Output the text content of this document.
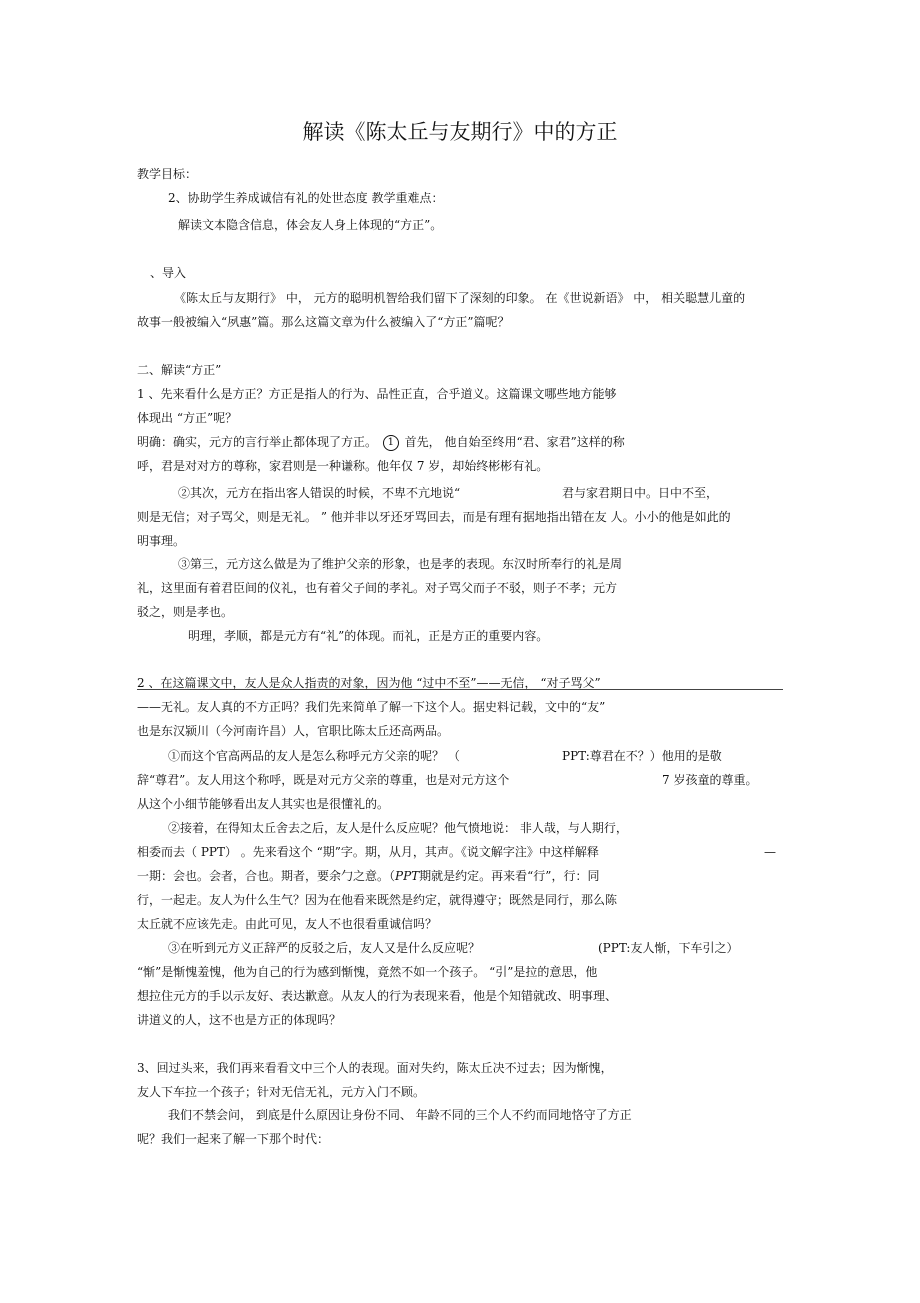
解读《陈太丘与友期行》中的方正
教学目标：
2、协助学生养成诚信有礼的处世态度 教学重难点：
解读文本隐含信息，体会友人身上体现的“方正”。
、导入
《陈太丘与友期行》 中， 元方的聪明机智给我们留下了深刻的印象。 在《世说新语》 中， 相关聪慧儿童的
故事一般被编入“夙惠”篇。那么这篇文章为什么被编入了“方正”篇呢？
二、解读“方正”
1 、先来看什么是方正？方正是指人的行为、品性正直，合乎道义。这篇课文哪些地方能够
体现出 “方正”呢？
明确：确实，元方的言行举止都体现了方正。 1 首先， 他自始至终用“君、家君”这样的称
呼，君是对对方的尊称，家君则是一种谦称。他年仅 7 岁，却始终彬彬有礼。
②其次，元方在指出客人错误的时候，不卑不亢地说“	君与家君期日中。日中不至，
则是无信；对子骂父，则是无礼。 ” 他并非以牙还牙骂回去，而是有理有据地指出错在友 人。小小的他是如此的
明事理。
③第三，元方这么做是为了维护父亲的形象，也是孝的表现。东汉时所奉行的礼是周
礼，这里面有着君臣间的仪礼，也有着父子间的孝礼。对子骂父而子不驳，则子不孝；元方
驳之，则是孝也。
明理，孝顺，都是元方有“礼”的体现。而礼，正是方正的重要内容。
2 、在这篇课文中，友人是众人指责的对象，因为他 “过中不至”——无信， “对子骂父”
——无礼。友人真的不方正吗？我们先来简单了解一下这个人。据史料记载，文中的“友”
也是东汉颍川（今河南许昌）人，官职比陈太丘还高两品。
①而这个官高两品的友人是怎么称呼元方父亲的呢？ （	PPT:尊君在不？）他用的是敬
辞“尊君”。友人用这个称呼，既是对元方父亲的尊重，也是对元方这个	7 岁孩童的尊重。
从这个小细节能够看出友人其实也是很懂礼的。
②接着，在得知太丘舍去之后，友人是什么反应呢？他气愤地说： 非人哉，与人期行，
相委而去（ PPT） 。先来看这个 “期”字。期，从月，其声。《说文解字注》中这样解释	—
一期：会也。会者，合也。期者，要余勹之意。（PPT期就是约定。再来看“行”，行：同
行，一起走。友人为什么生气？因为在他看来既然是约定，就得遵守；既然是同行，那么陈
太丘就不应该先走。由此可见，友人不也很看重诚信吗？
③在听到元方义正辞严的反驳之后，友人又是什么反应呢？	(PPT:友人惭，下车引之）
“惭”是惭愧羞愧，他为自己的行为感到惭愧，竟然不如一个孩子。 “引”是拉的意思，他
想拉住元方的手以示友好、表达歉意。从友人的行为表现来看，他是个知错就改、明事理、
讲道义的人，这不也是方正的体现吗？
3、回过头来，我们再来看看文中三个人的表现。面对失约，陈太丘决不过去；因为惭愧，
友人下车拉一个孩子；针对无信无礼，元方入门不顾。
我们不禁会问， 到底是什么原因让身份不同、 年龄不同的三个人不约而同地恪守了方正
呢？我们一起来了解一下那个时代：
